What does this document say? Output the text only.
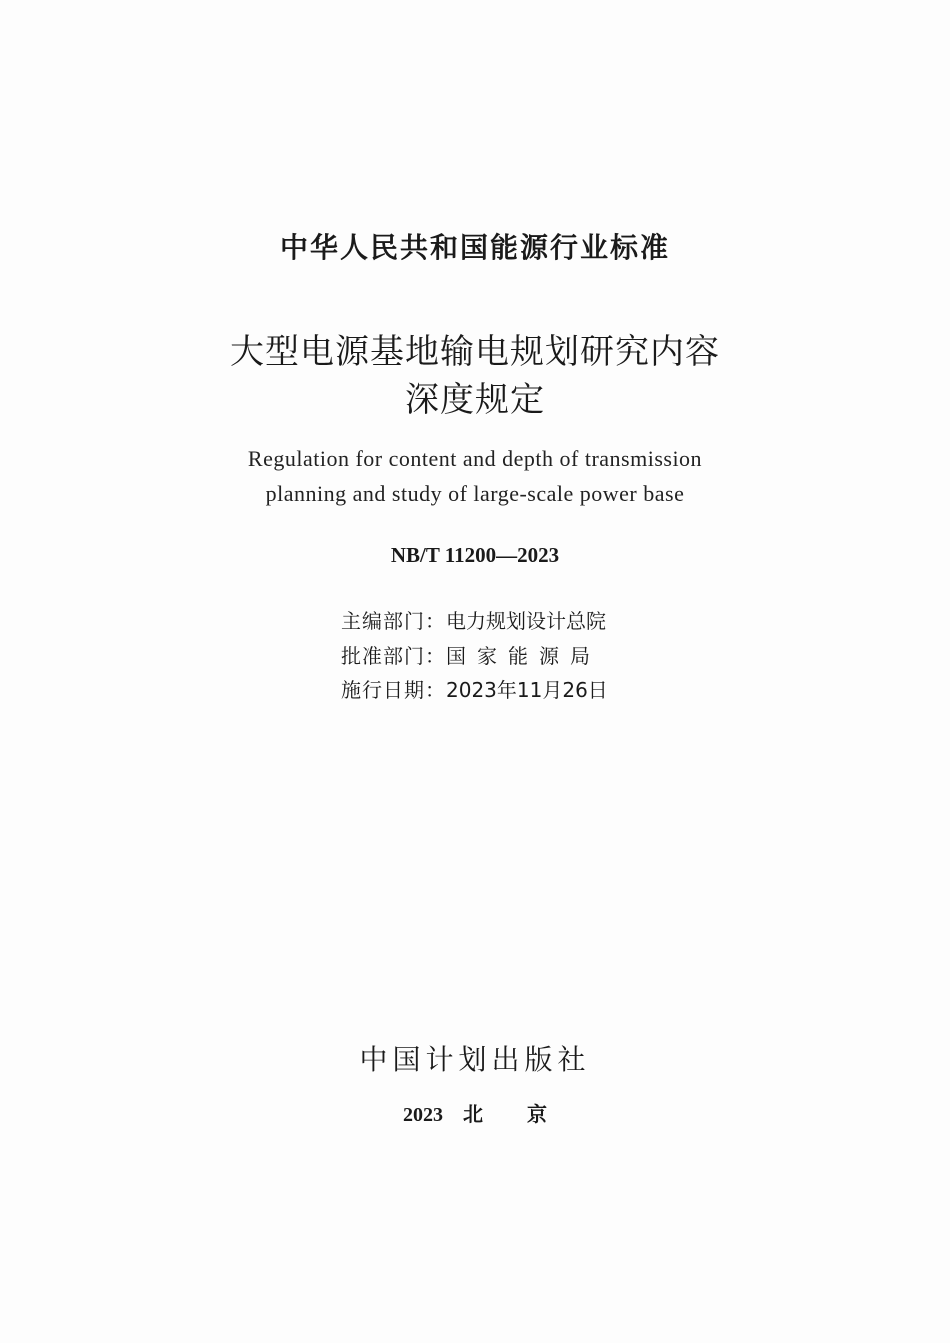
中华人民共和国能源行业标准
大型电源基地输电规划研究内容
深度规定
Regulation for content and depth of transmission
planning and study of large-scale power base
NB/T 11200—2023
主编部门：电力规划设计总院
批准部门：国家能源局
施行日期：2023年11月26日
中国计划出版社
2023 北 京
